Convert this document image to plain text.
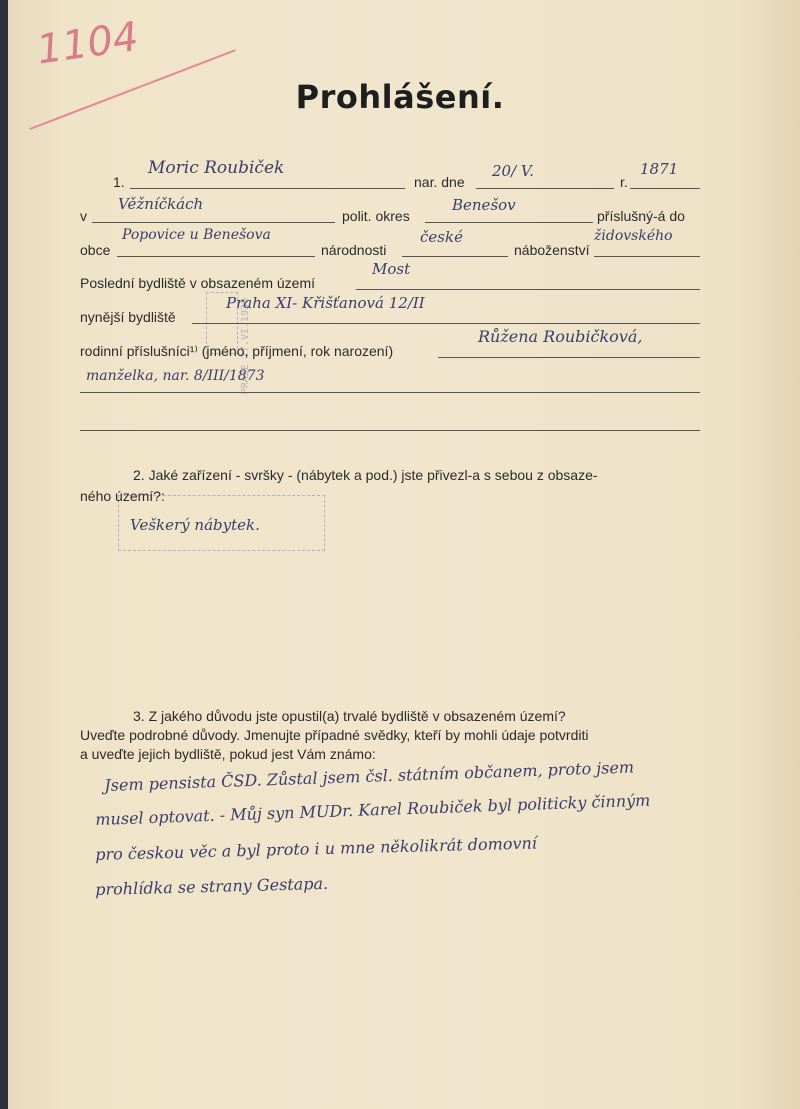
1104
Prohlášení.
PRAZE 27.VI.1939
1.
Moric Roubiček
nar. dne
20/ V.
r.
1871
v
Věžníčkách
polit. okres
Benešov
příslušný-á do
obce
Popovice u Benešova
národnosti
české
náboženství
židovského
Poslední bydliště v obsazeném území
Most
nynější bydliště
Praha XI- Křišťanová 12/II
rodinní příslušníci¹⁾ (jméno, příjmení, rok narození)
Růžena Roubičková,
manželka, nar. 8/III/1873
2. Jaké zařízení - svršky - (nábytek a pod.) jste přivezl-a s sebou z obsaze-
ného území?:
Veškerý nábytek.
3. Z jakého důvodu jste opustil(a) trvalé bydliště v obsazeném území?
Uveďte podrobné důvody. Jmenujte případné svědky, kteří by mohli údaje potvrditi
a uveďte jejich bydliště, pokud jest Vám známo:
Jsem pensista ČSD. Zůstal jsem čsl. státním občanem, proto jsem
musel optovat. - Můj syn MUDr. Karel Roubiček byl politicky činným
pro českou věc a byl proto i u mne několikrát domovní
prohlídka se strany Gestapa.
